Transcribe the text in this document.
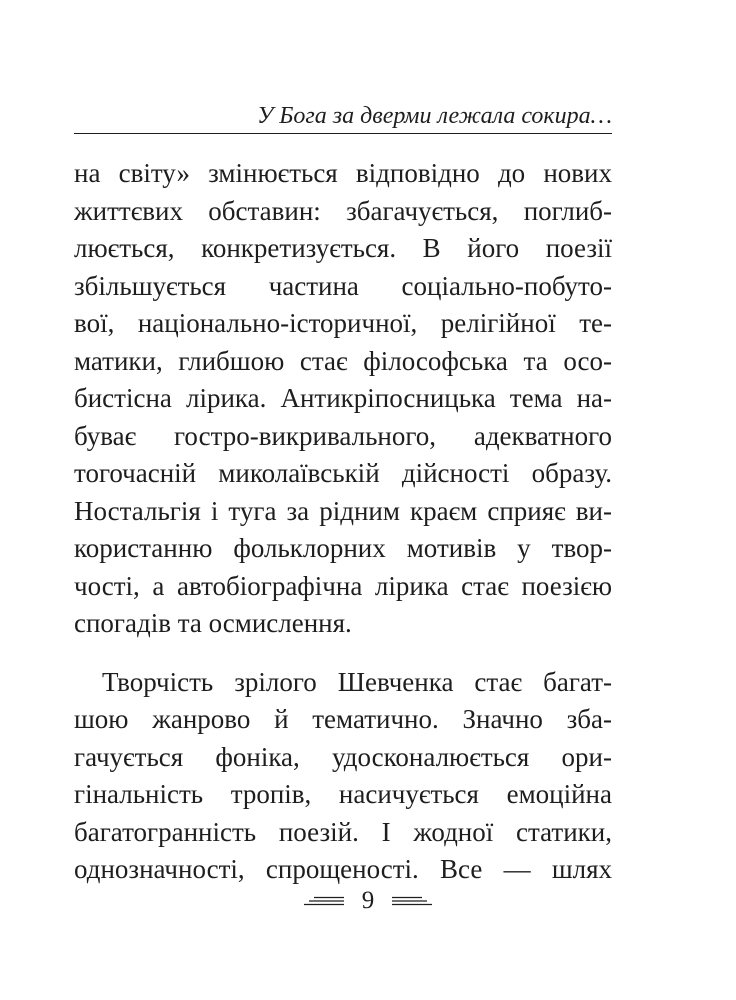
У Бога за дверми лежала сокира…
на світу» змінюється відповідно до нових
життєвих обставин: збагачується, поглиб-
люється, конкретизується. В його поезії
збільшується частина соціально-побуто-
вої, національно-історичної, релігійної те-
матики, глибшою стає філософська та осо-
бистісна лірика. Антикріпосницька тема на-
буває гостро-викривального, адекватного
тогочасній миколаївській дійсності образу.
Ностальгія і туга за рідним краєм сприяє ви-
користанню фольклорних мотивів у твор-
чості, а автобіографічна лірика стає поезією
спогадів та осмислення.
Творчість зрілого Шевченка стає багат-
шою жанрово й тематично. Значно зба-
гачується фоніка, удосконалюється ори-
гінальність тропів, насичується емоційна
багатогранність поезій. І жодної статики,
однозначності, спрощеності. Все — шлях
9
